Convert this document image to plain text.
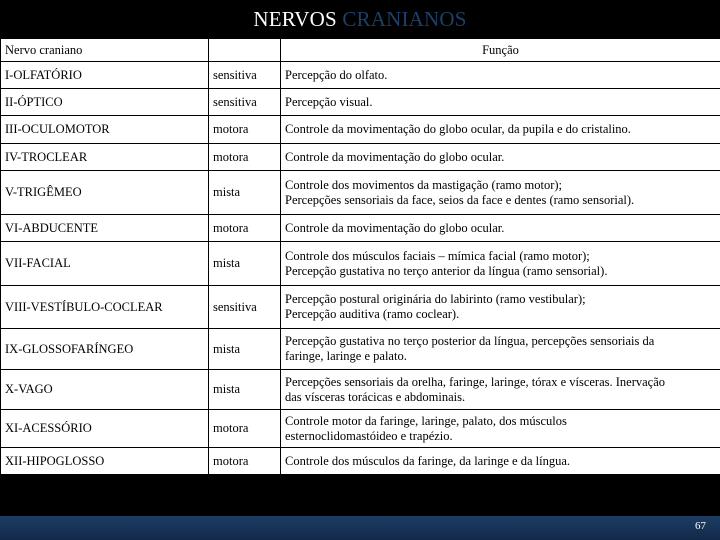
NERVOS CRANIANOS
Nervo craniano		Função
I-OLFATÓRIO	sensitiva	Percepção do olfato.

II-ÓPTICO	sensitiva	Percepção visual.

III-OCULOMOTOR	motora	Controle da movimentação do globo ocular, da pupila e do cristalino.

IV-TROCLEAR	motora	Controle da movimentação do globo ocular.

V-TRIGÊMEO	mista	Controle dos movimentos da mastigação (ramo motor);
Percepções sensoriais da face, seios da face e dentes (ramo sensorial).

VI-ABDUCENTE	motora	Controle da movimentação do globo ocular.

VII-FACIAL	mista	Controle dos músculos faciais – mímica facial (ramo motor);
Percepção gustativa no terço anterior da língua (ramo sensorial).

VIII-VESTÍBULO-COCLEAR	sensitiva	Percepção postural originária do labirinto (ramo vestibular);
Percepção auditiva (ramo coclear).

IX-GLOSSOFARÍNGEO	mista	Percepção gustativa no terço posterior da língua, percepções sensoriais da
faringe, laringe e palato.

X-VAGO	mista	Percepções sensoriais da orelha, faringe, laringe, tórax e vísceras. Inervação
das vísceras torácicas e abdominais.

XI-ACESSÓRIO	motora	Controle motor da faringe, laringe, palato, dos músculos
esternoclidomastóideo e trapézio.

XII-HIPOGLOSSO	motora	Controle dos músculos da faringe, da laringe e da língua.
67
